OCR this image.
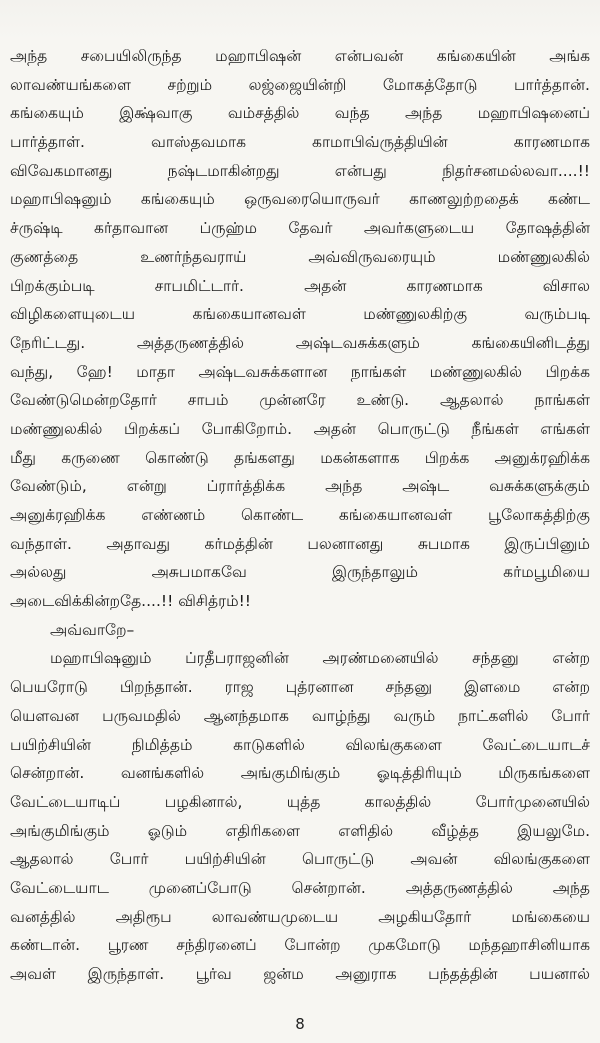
அந்த சபையிலிருந்த மஹாபிஷன் என்பவன் கங்கையின் அங்க
லாவண்யங்களை சற்றும் லஜ்ஜையின்றி மோகத்தோடு பார்த்தான்.
கங்கையும் இக்ஷ்வாகு வம்சத்தில் வந்த அந்த மஹாபிஷனைப்
பார்த்தாள். வாஸ்தவமாக காமாபிவ்ருத்தியின் காரணமாக
விவேகமானது நஷ்டமாகின்றது என்பது நிதர்சனமல்லவா....!!
மஹாபிஷனும் கங்கையும் ஒருவரையொருவர் காணலுற்றதைக் கண்ட
ச்ருஷ்டி கர்தாவான ப்ருஹ்ம தேவர் அவர்களுடைய தோஷத்தின்
குணத்தை உணர்ந்தவராய் அவ்விருவரையும் மண்ணுலகில்
பிறக்கும்படி சாபமிட்டார். அதன் காரணமாக விசால
விழிகளையுடைய கங்கையானவள் மண்ணுலகிற்கு வரும்படி
நேரிட்டது. அத்தருணத்தில் அஷ்டவசுக்களும் கங்கையினிடத்து
வந்து, ஹே! மாதா அஷ்டவசுக்களான நாங்கள் மண்ணுலகில் பிறக்க
வேண்டுமென்றதோர் சாபம் முன்னரே உண்டு. ஆதலால் நாங்கள்
மண்ணுலகில் பிறக்கப் போகிறோம். அதன் பொருட்டு நீங்கள் எங்கள்
மீது கருணை கொண்டு தங்களது மகன்களாக பிறக்க அனுக்ரஹிக்க
வேண்டும், என்று ப்ரார்த்திக்க அந்த அஷ்ட வசுக்களுக்கும்
அனுக்ரஹிக்க எண்ணம் கொண்ட கங்கையானவள் பூலோகத்திற்கு
வந்தாள். அதாவது கர்மத்தின் பலனானது சுபமாக இருப்பினும்
அல்லது அசுபமாகவே இருந்தாலும் கர்மபூமியை
அடைவிக்கின்றதே....!! விசித்ரம்!!
அவ்வாறே–
மஹாபிஷனும் ப்ரதீபராஜனின் அரண்மனையில் சந்தனு என்ற
பெயரோடு பிறந்தான். ராஜ புத்ரனான சந்தனு இளமை என்ற
யௌவன பருவமதில் ஆனந்தமாக வாழ்ந்து வரும் நாட்களில் போர்
பயிற்சியின் நிமித்தம் காடுகளில் விலங்குகளை வேட்டையாடச்
சென்றான். வனங்களில் அங்குமிங்கும் ஓடித்திரியும் மிருகங்களை
வேட்டையாடிப் பழகினால், யுத்த காலத்தில் போர்முனையில்
அங்குமிங்கும் ஓடும் எதிரிகளை எளிதில் வீழ்த்த இயலுமே.
ஆதலால் போர் பயிற்சியின் பொருட்டு அவன் விலங்குகளை
வேட்டையாட முனைப்போடு சென்றான். அத்தருணத்தில் அந்த
வனத்தில் அதிரூப லாவண்யமுடைய அழகியதோர் மங்கையை
கண்டான். பூரண சந்திரனைப் போன்ற முகமோடு மந்தஹாசினியாக
அவள் இருந்தாள். பூர்வ ஜன்ம அனுராக பந்தத்தின் பயனால்
8
